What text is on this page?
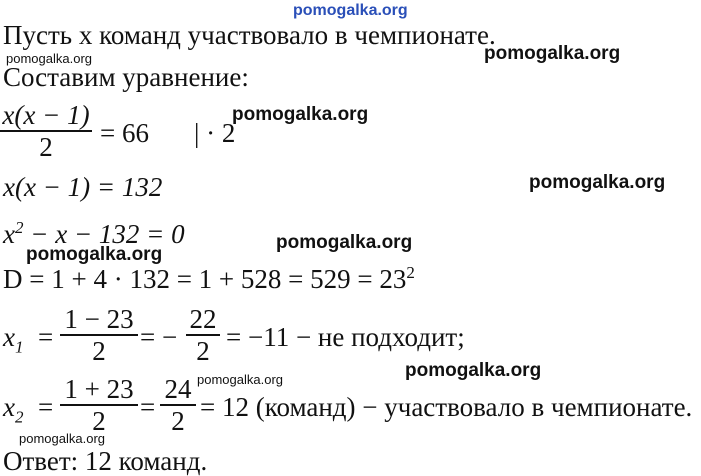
pomogalka.org
pomogalka.org	pomogalka.org
pomogalka.org
pomogalka.org
pomogalka.org
pomogalka.org
pomogalka.org
pomogalka.org
pomogalka.org
Пусть x команд участвовало в чемпионате.
Составим уравнение:
x(x − 1)
2	= 66 | · 2
x(x − 1) = 132
$x^2 - x - 132 = 0$
$D = 1 + 4 \cdot 132 = 1 + 528 = 529 = 23^2$
$x_1$ =
1 − 23
2	= −
22
2 = −11 − не подходит;
$x_2$ =
1 + 23
2	=
24
2 = 12 (команд) − участвовало в чемпионате.
Ответ: 12 команд.
